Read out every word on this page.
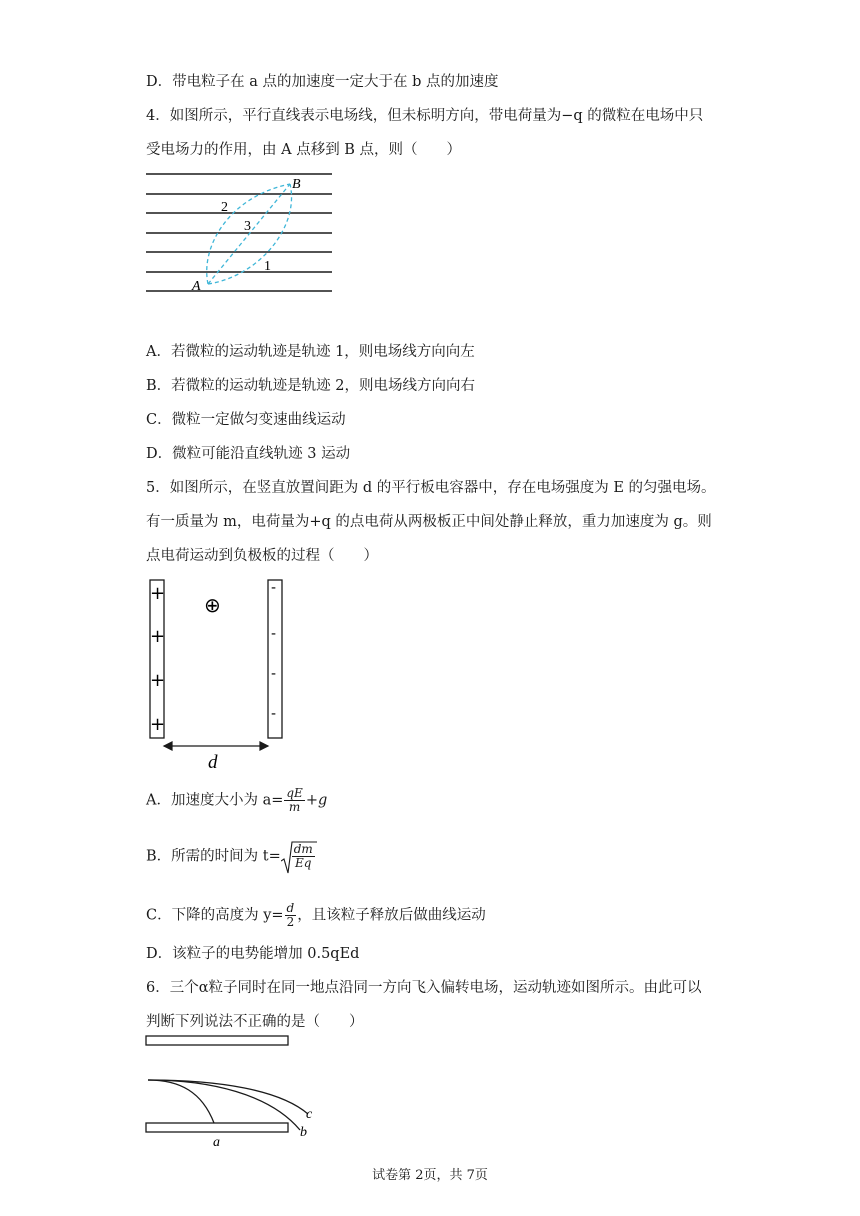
D．带电粒子在 a 点的加速度一定大于在 b 点的加速度
4．如图所示，平行直线表示电场线，但未标明方向，带电荷量为−q 的微粒在电场中只
受电场力的作用，由 A 点移到 B 点，则（　　）
A
B
2
3
1
A．若微粒的运动轨迹是轨迹 1，则电场线方向向左
B．若微粒的运动轨迹是轨迹 2，则电场线方向向右
C．微粒一定做匀变速曲线运动
D．微粒可能沿直线轨迹 3 运动
5．如图所示，在竖直放置间距为 d 的平行板电容器中，存在电场强度为 E 的匀强电场。
有一质量为 m，电荷量为+q 的点电荷从两极板正中间处静止释放，重力加速度为 g。则
点电荷运动到负极板的过程（　　）
+
+
+
+
-
-
-
-
⊕
d
A．加速度大小为 $a= \frac{qE}{m} +g$
B．所需的时间为 $t= \frac{dm}{Eq}$
C．下降的高度为 $y= \frac{d}{2}$ ，且该粒子释放后做曲线运动
D．该粒子的电势能增加 0.5qEd
6．三个α粒子同时在同一地点沿同一方向飞入偏转电场，运动轨迹如图所示。由此可以
判断下列说法不正确的是（　　）
c
b
a
试卷第 2页，共 7页
